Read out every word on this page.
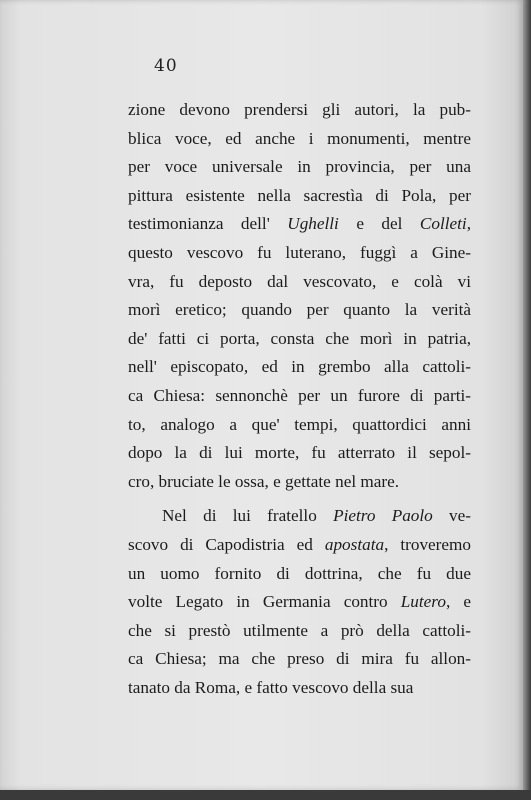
40
zione devono prendersi gli autori, la pub-
blica voce, ed anche i monumenti, mentre
per voce universale in provincia, per una
pittura esistente nella sacrestìa di Pola, per
testimonianza dell' Ughelli e del Colleti,
questo vescovo fu luterano, fuggì a Gine-
vra, fu deposto dal vescovato, e colà vi
morì eretico; quando per quanto la verità
de' fatti ci porta, consta che morì in patria,
nell' episcopato, ed in grembo alla cattoli-
ca Chiesa: sennonchè per un furore di parti-
to, analogo a que' tempi, quattordici anni
dopo la di lui morte, fu atterrato il sepol-
cro, bruciate le ossa, e gettate nel mare.
Nel di lui fratello Pietro Paolo ve-
scovo di Capodistria ed apostata, troveremo
un uomo fornito di dottrina, che fu due
volte Legato in Germania contro Lutero, e
che si prestò utilmente a prò della cattoli-
ca Chiesa; ma che preso di mira fu allon-
tanato da Roma, e fatto vescovo della sua
